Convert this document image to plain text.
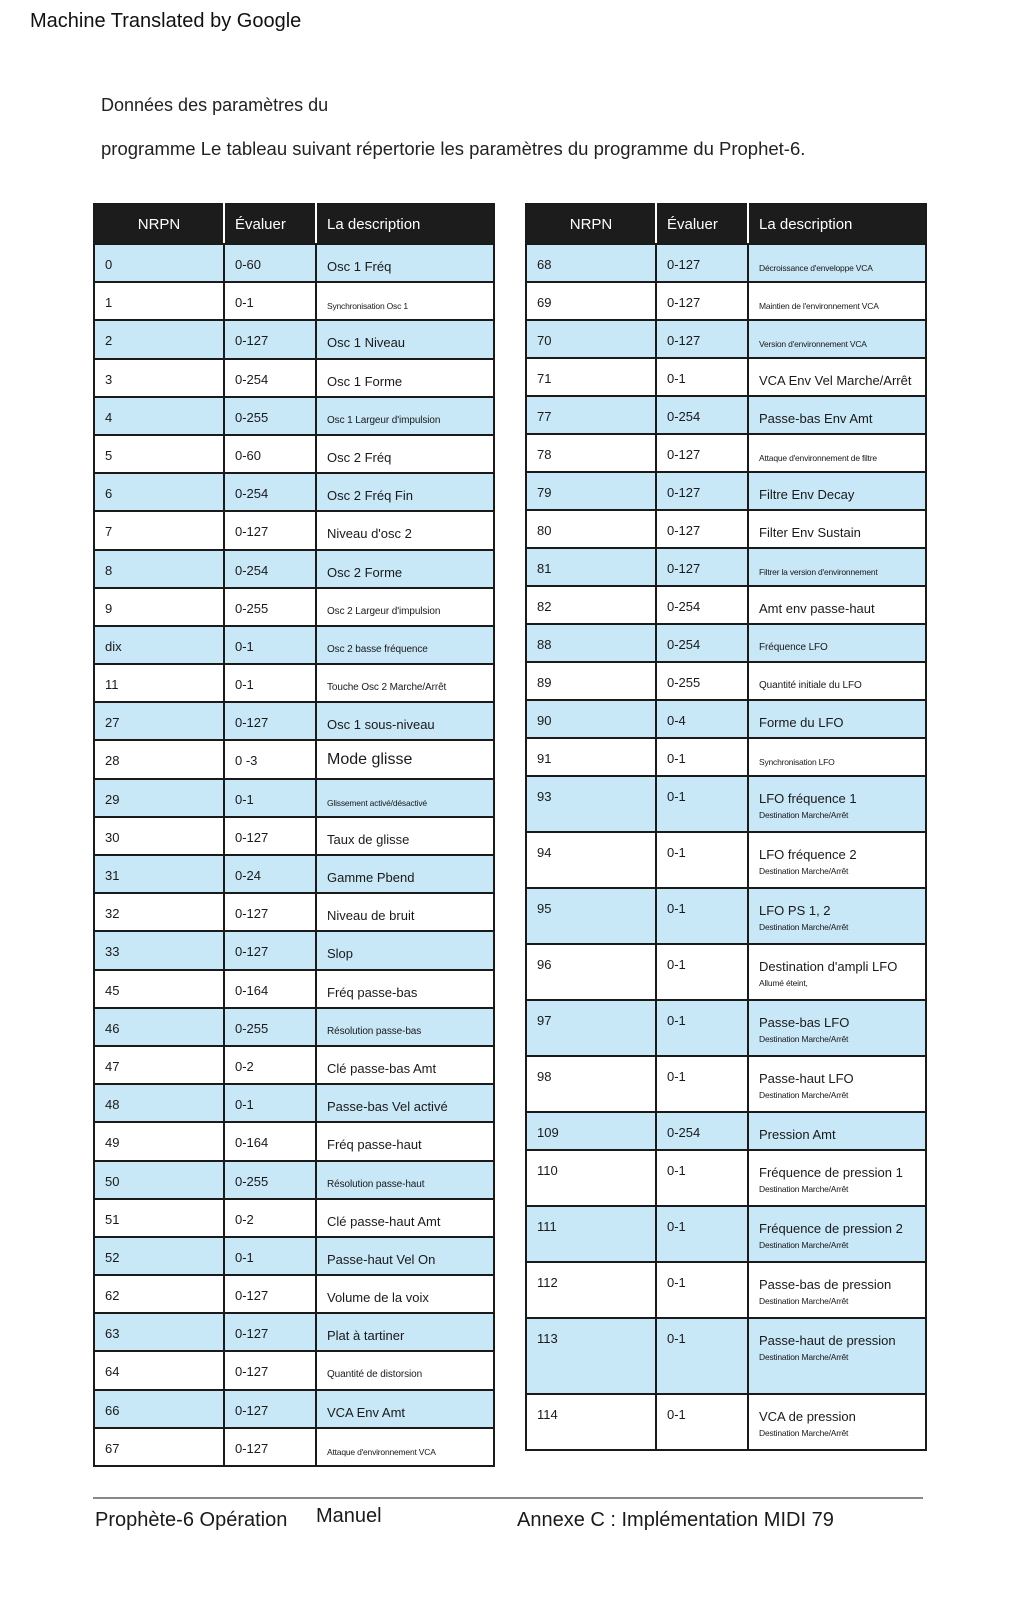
Machine Translated by Google
Données des paramètres du
programme Le tableau suivant répertorie les paramètres du programme du Prophet-6.
NRPN	Évaluer	La description
0	0-60	Osc 1 Fréq
1	0-1	Synchronisation Osc 1
2	0-127	Osc 1 Niveau
3	0-254	Osc 1 Forme
4	0-255	Osc 1 Largeur d'impulsion
5	0-60	Osc 2 Fréq
6	0-254	Osc 2 Fréq Fin
7	0-127	Niveau d'osc 2
8	0-254	Osc 2 Forme
9	0-255	Osc 2 Largeur d'impulsion
dix	0-1	Osc 2 basse fréquence
11	0-1	Touche Osc 2 Marche/Arrêt
27	0-127	Osc 1 sous-niveau
28	0 -3	Mode glisse
29	0-1	Glissement activé/désactivé
30	0-127	Taux de glisse
31	0-24	Gamme Pbend
32	0-127	Niveau de bruit
33	0-127	Slop
45	0-164	Fréq passe-bas
46	0-255	Résolution passe-bas
47	0-2	Clé passe-bas Amt
48	0-1	Passe-bas Vel activé
49	0-164	Fréq passe-haut
50	0-255	Résolution passe-haut
51	0-2	Clé passe-haut Amt
52	0-1	Passe-haut Vel On
62	0-127	Volume de la voix
63	0-127	Plat à tartiner
64	0-127	Quantité de distorsion
66	0-127	VCA Env Amt
67	0-127	Attaque d'environnement VCA
NRPN	Évaluer	La description
68	0-127	Décroissance d'enveloppe VCA
69	0-127	Maintien de l'environnement VCA
70	0-127	Version d'environnement VCA
71	0-1	VCA Env Vel Marche/Arrêt
77	0-254	Passe-bas Env Amt
78	0-127	Attaque d'environnement de filtre
79	0-127	Filtre Env Decay
80	0-127	Filter Env Sustain
81	0-127	Filtrer la version d'environnement
82	0-254	Amt env passe-haut
88	0-254	Fréquence LFO
89	0-255	Quantité initiale du LFO
90	0-4	Forme du LFO
91	0-1	Synchronisation LFO
93	0-1	LFO fréquence 1
Destination Marche/Arrêt

94	0-1	LFO fréquence 2
Destination Marche/Arrêt

95	0-1	LFO PS 1, 2
Destination Marche/Arrêt

96	0-1	Destination d'ampli LFO
Allumé éteint,

97	0-1	Passe-bas LFO
Destination Marche/Arrêt

98	0-1	Passe-haut LFO
Destination Marche/Arrêt

109	0-254	Pression Amt
110	0-1	Fréquence de pression 1
Destination Marche/Arrêt

111	0-1	Fréquence de pression 2
Destination Marche/Arrêt

112	0-1	Passe-bas de pression
Destination Marche/Arrêt

113	0-1	Passe-haut de pression
Destination Marche/Arrêt

114	0-1	VCA de pression
Destination Marche/Arrêt
Prophète-6 Opération Manuel	Annexe C : Implémentation MIDI 79
